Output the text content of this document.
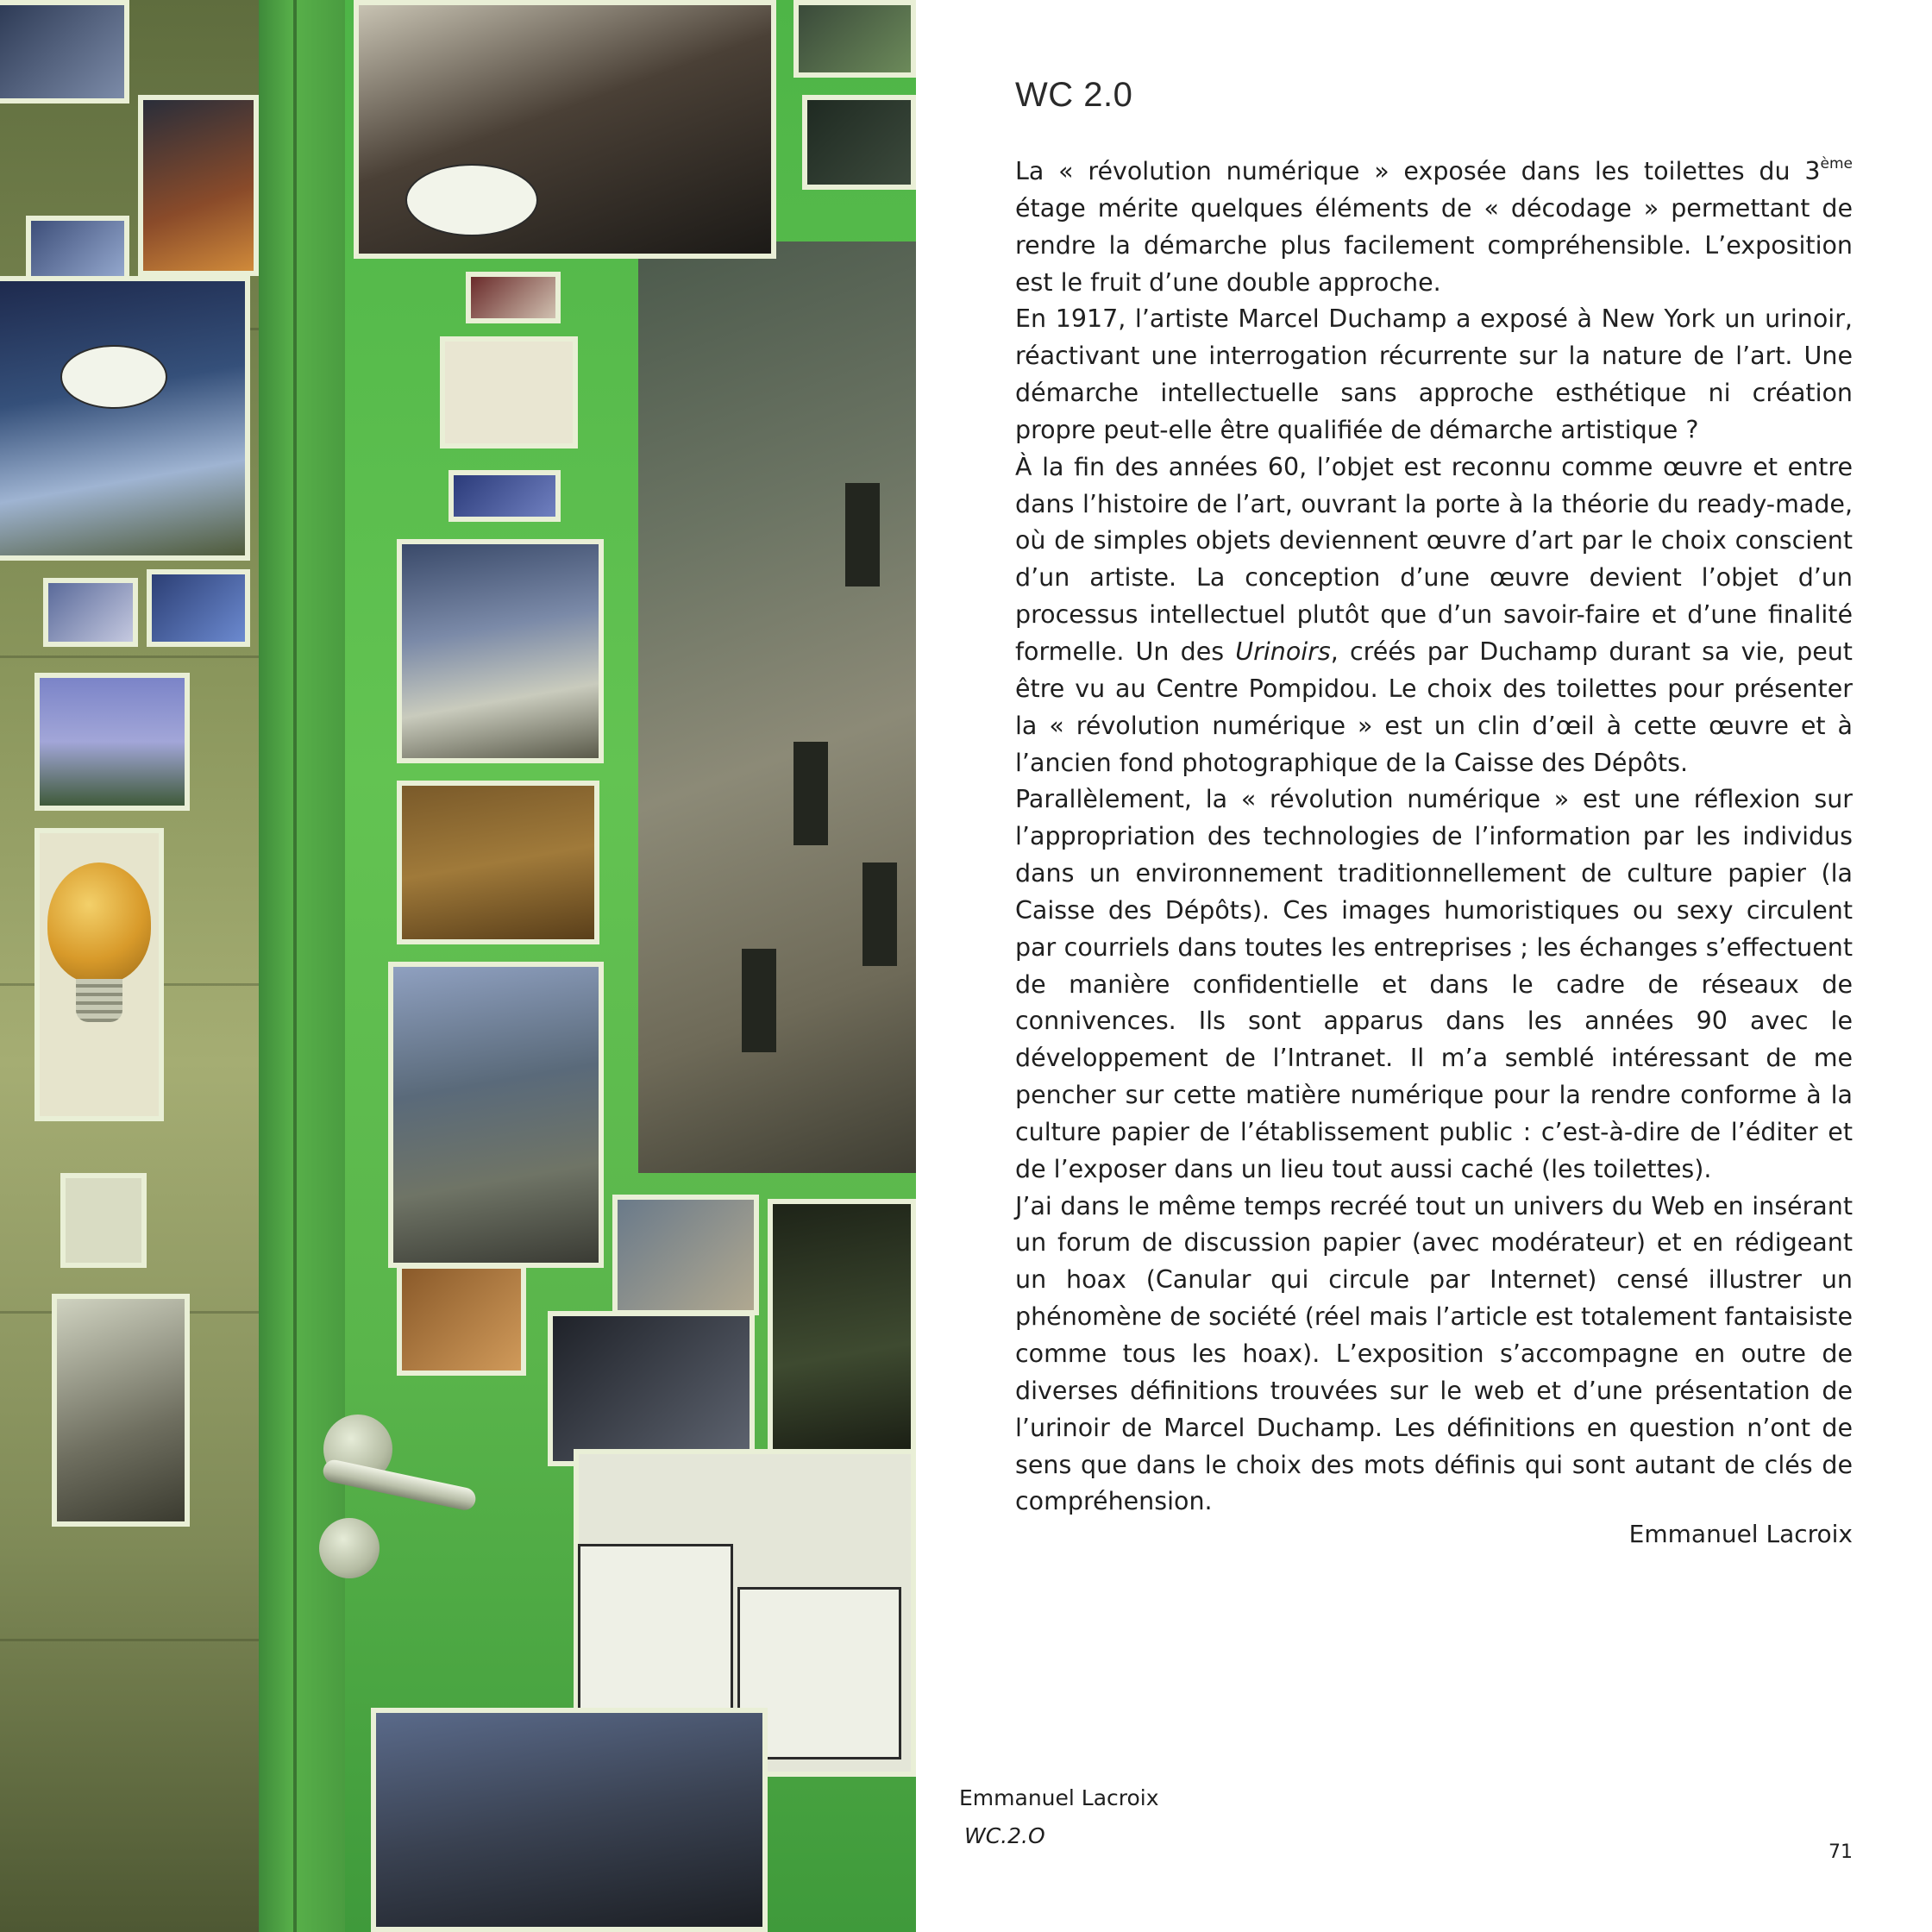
WC 2.0

La « révolution numérique » exposée dans les toilettes du 3ème étage mérite quelques éléments de « décodage » permettant de rendre la démarche plus facilement compréhensible. L’exposition est le fruit d’une double approche.

En 1917, l’artiste Marcel Duchamp a exposé à New York un urinoir, réactivant une interrogation récurrente sur la nature de l’art. Une démarche intellectuelle sans approche esthétique ni création propre peut-elle être qualifiée de démarche artistique ?

À la fin des années 60, l’objet est reconnu comme œuvre et entre dans l’histoire de l’art, ouvrant la porte à la théorie du ready-made, où de simples objets deviennent œuvre d’art par le choix conscient d’un artiste. La conception d’une œuvre devient l’objet d’un processus intellectuel plutôt que d’un savoir-faire et d’une finalité formelle. Un des Urinoirs, créés par Duchamp durant sa vie, peut être vu au Centre Pompidou. Le choix des toilettes pour présenter la « révolution numérique » est un clin d’œil à cette œuvre et à l’ancien fond photographique de la Caisse des Dépôts.

Parallèlement, la « révolution numérique » est une réflexion sur l’appropriation des technologies de l’information par les individus dans un environnement traditionnellement de culture papier (la Caisse des Dépôts). Ces images humoristiques ou sexy circulent par courriels dans toutes les entreprises ; les échanges s’effectuent de manière confidentielle et dans le cadre de réseaux de connivences. Ils sont apparus dans les années 90 avec le développement de l’Intranet. Il m’a semblé intéressant de me pencher sur cette matière numérique pour la rendre conforme à la culture papier de l’établissement public : c’est-à-dire de l’éditer et de l’exposer dans un lieu tout aussi caché (les toilettes).

J’ai dans le même temps recréé tout un univers du Web en insérant un forum de discussion papier (avec modérateur) et en rédigeant un hoax (Canular qui circule par Internet) censé illustrer un phénomène de société (réel mais l’article est totalement fantaisiste comme tous les hoax). L’exposition s’accompagne en outre de diverses définitions trouvées sur le web et d’une présentation de l’urinoir de Marcel Duchamp. Les définitions en question n’ont de sens que dans le choix des mots définis qui sont autant de clés de compréhension.

Emmanuel Lacroix
Emmanuel Lacroix
WC.2.O
71
